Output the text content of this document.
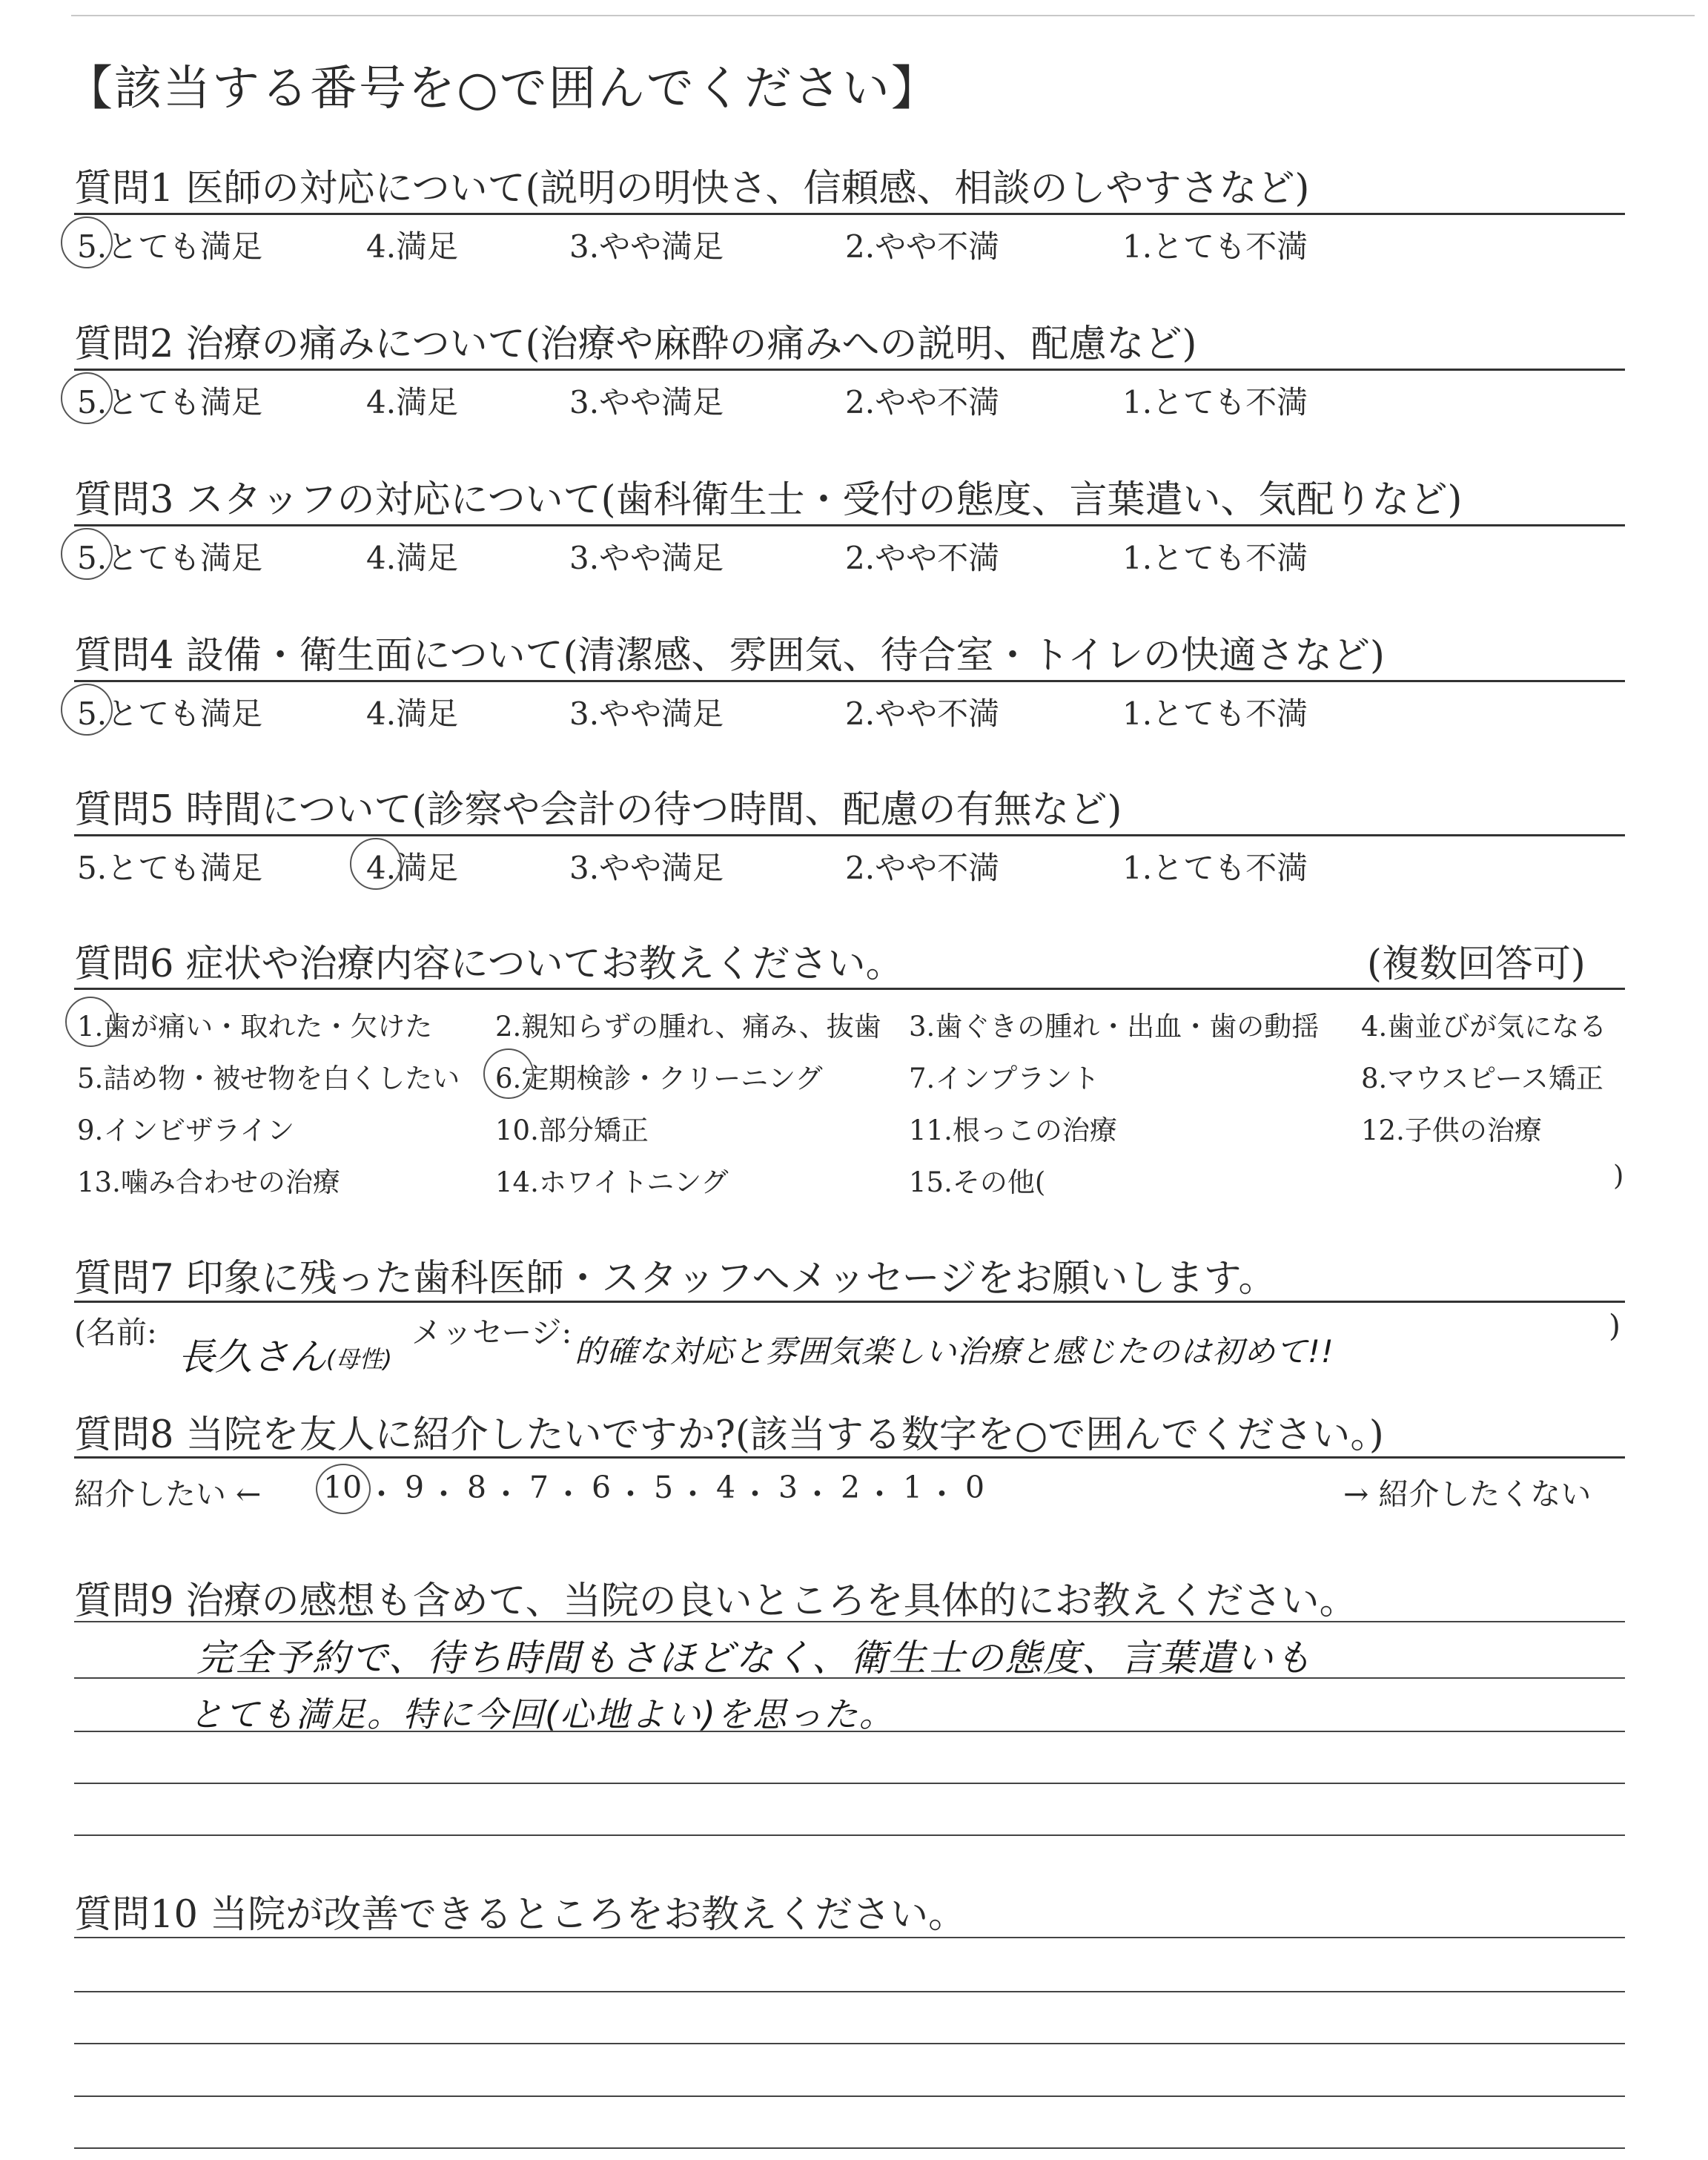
【該当する番号を○で囲んでください】
質問1 医師の対応について(説明の明快さ、信頼感、相談のしやすさなど)
5.とても満足	4.満足	3.やや満足	2.やや不満	1.とても不満
質問2 治療の痛みについて(治療や麻酔の痛みへの説明、配慮など)
5.とても満足	4.満足	3.やや満足	2.やや不満	1.とても不満
質問3 スタッフの対応について(歯科衛生士・受付の態度、言葉遣い、気配りなど)
5.とても満足	4.満足	3.やや満足	2.やや不満	1.とても不満
質問4 設備・衛生面について(清潔感、雰囲気、待合室・トイレの快適さなど)
5.とても満足	4.満足	3.やや満足	2.やや不満	1.とても不満
質問5 時間について(診察や会計の待つ時間、配慮の有無など)
5.とても満足	4.満足	3.やや満足	2.やや不満	1.とても不満
質問6 症状や治療内容についてお教えください。	(複数回答可)
1.歯が痛い・取れた・欠けた 2.親知らずの腫れ、痛み、抜歯 3.歯ぐきの腫れ・出血・歯の動揺 4.歯並びが気になる
5.詰め物・被せ物を白くしたい 6.定期検診・クリーニング	7.インプラント	8.マウスピース矯正
9.インビザライン	10.部分矯正	11.根っこの治療	12.子供の治療
13.噛み合わせの治療	14.ホワイトニング	15.その他(	)
質問7 印象に残った歯科医師・スタッフへメッセージをお願いします。
(名前:
長久さん (母性)
メッセージ:
的確な対応と雰囲気楽しい治療と感じたのは初めて!!
)
質問8 当院を友人に紹介したいですか?(該当する数字を○で囲んでください。)
紹介したい ← 10 ・ 9 ・ 8 ・ 7 ・ 6 ・ 5 ・ 4 ・ 3 ・ 2 ・ 1 ・ 0	→ 紹介したくない
質問9 治療の感想も含めて、当院の良いところを具体的にお教えください。
完全予約で、待ち時間もさほどなく、衛生士の態度、言葉遣いも
とても満足。特に今回(心地よい)を思った。
質問10 当院が改善できるところをお教えください。
